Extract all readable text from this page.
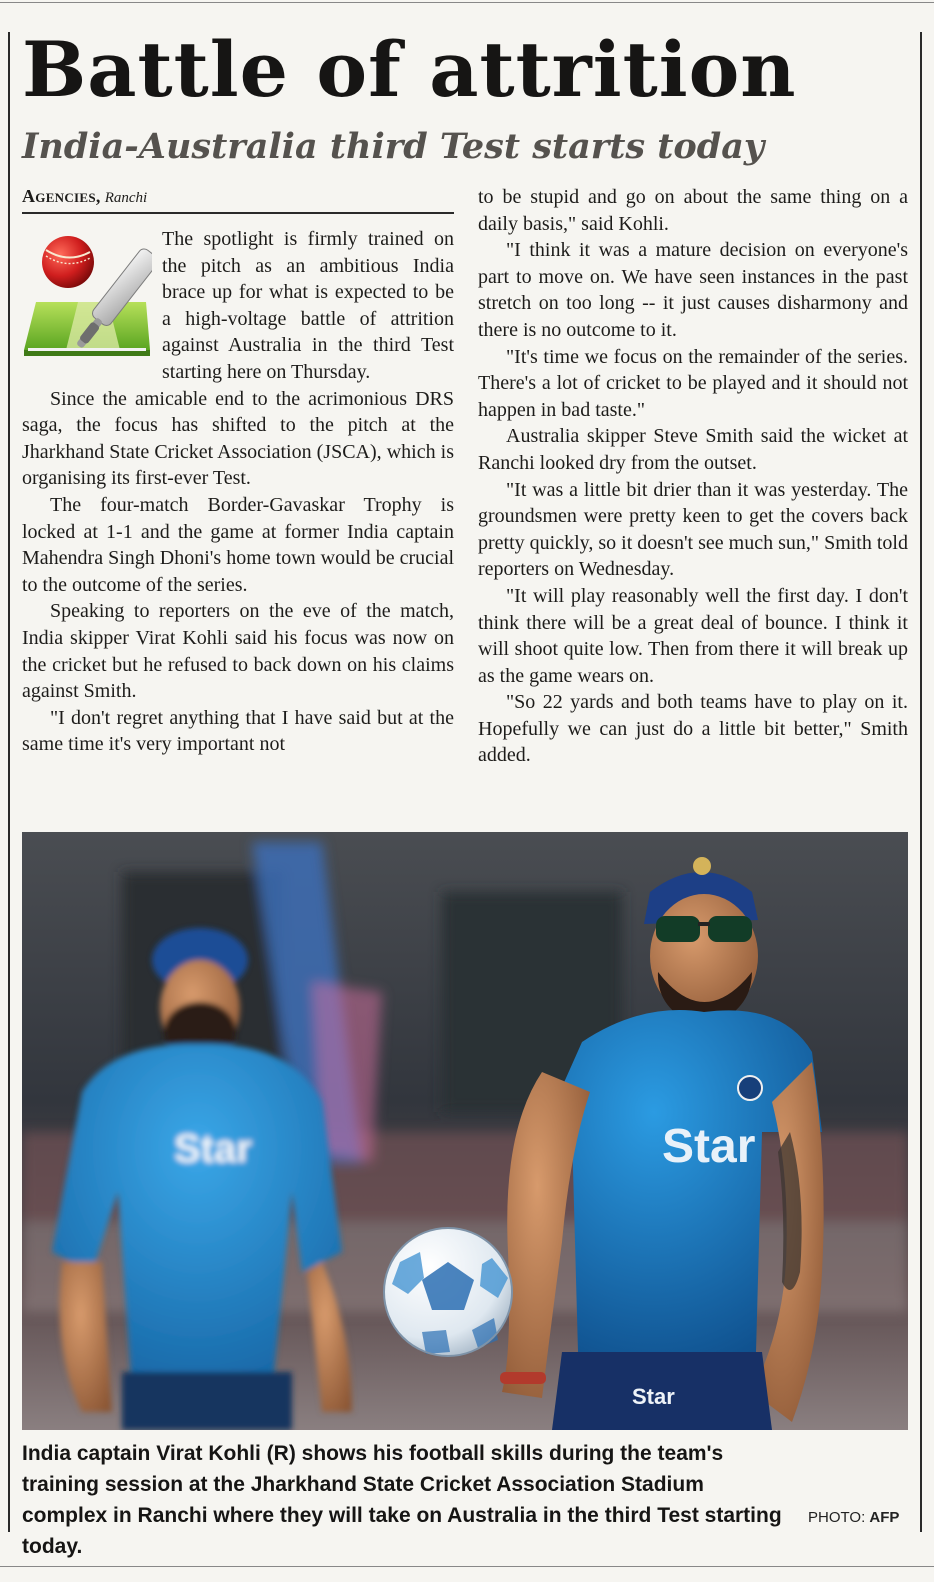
Battle of attrition
India-Australia third Test starts today
Agencies, Ranchi

The spotlight is firmly trained on the pitch as an ambitious India brace up for what is expected to be a high-voltage battle of attrition against Australia in the third Test starting here on Thursday.

Since the amicable end to the acrimonious DRS saga, the focus has shifted to the pitch at the Jharkhand State Cricket Association (JSCA), which is organising its first-ever Test.

The four-match Border-Gavaskar Trophy is locked at 1-1 and the game at former India captain Mahendra Singh Dhoni's home town would be crucial to the outcome of the series.

Speaking to reporters on the eve of the match, India skipper Virat Kohli said his focus was now on the cricket but he refused to back down on his claims against Smith.

"I don't regret anything that I have said but at the same time it's very important not

to be stupid and go on about the same thing on a daily basis," said Kohli.

"I think it was a mature decision on everyone's part to move on. We have seen instances in the past stretch on too long -- it just causes disharmony and there is no outcome to it.

"It's time we focus on the remainder of the series. There's a lot of cricket to be played and it should not happen in bad taste."

Australia skipper Steve Smith said the wicket at Ranchi looked dry from the outset.

"It was a little bit drier than it was yesterday. The groundsmen were pretty keen to get the covers back pretty quickly, so it doesn't see much sun," Smith told reporters on Wednesday.

"It will play reasonably well the first day. I don't think there will be a great deal of bounce. I think it will shoot quite low. Then from there it will break up as the game wears on.

"So 22 yards and both teams have to play on it. Hopefully we can just do a little bit better," Smith added.

Star	Star
Star
India captain Virat Kohli (R) shows his football skills during the team's training session at the Jharkhand State Cricket Association Stadium complex in Ranchi where they will take on Australia in the third Test starting today.
PHOTO: AFP
